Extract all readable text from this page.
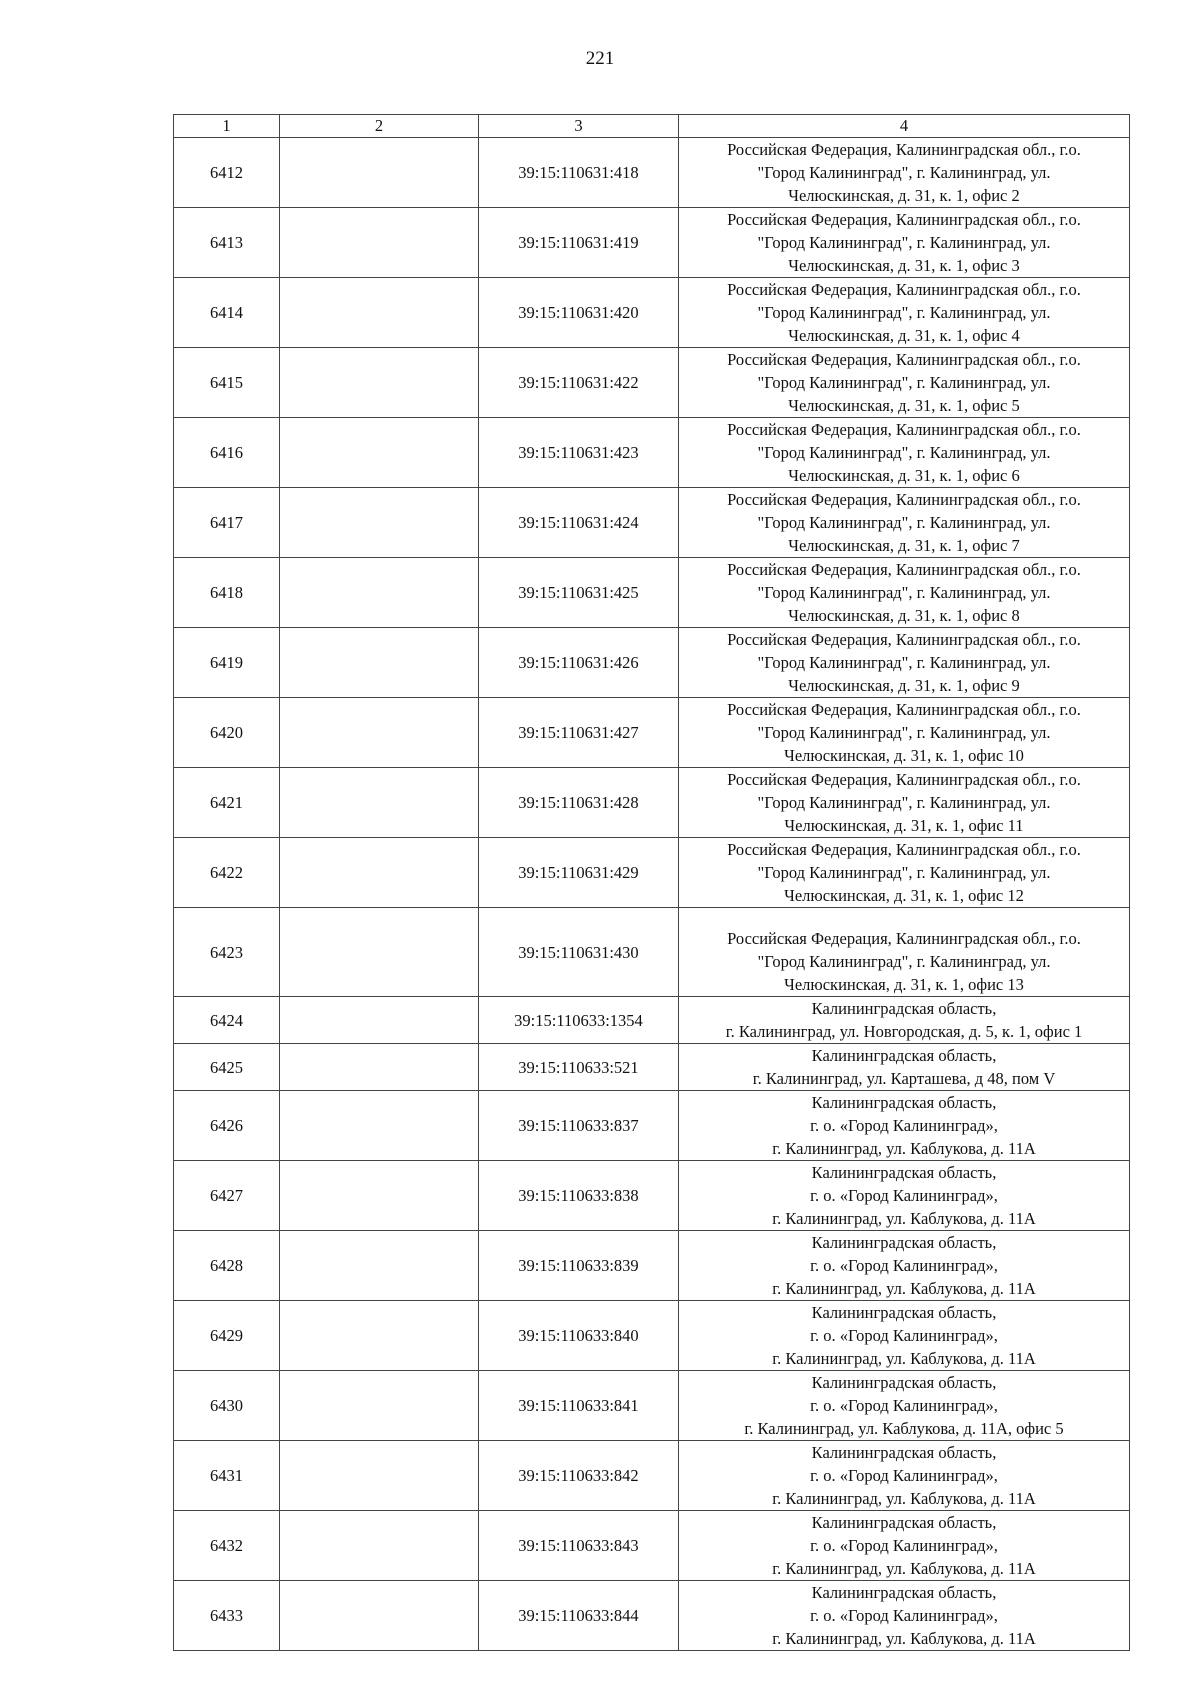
221
1	2	3	4
6412		39:15:110631:418	Российская Федерация, Калининградская обл., г.о.
"Город Калининград", г. Калининград, ул.
Челюскинская, д. 31, к. 1, офис 2

6413		39:15:110631:419	Российская Федерация, Калининградская обл., г.о.
"Город Калининград", г. Калининград, ул.
Челюскинская, д. 31, к. 1, офис 3

6414		39:15:110631:420	Российская Федерация, Калининградская обл., г.о.
"Город Калининград", г. Калининград, ул.
Челюскинская, д. 31, к. 1, офис 4

6415		39:15:110631:422	Российская Федерация, Калининградская обл., г.о.
"Город Калининград", г. Калининград, ул.
Челюскинская, д. 31, к. 1, офис 5

6416		39:15:110631:423	Российская Федерация, Калининградская обл., г.о.
"Город Калининград", г. Калининград, ул.
Челюскинская, д. 31, к. 1, офис 6

6417		39:15:110631:424	Российская Федерация, Калининградская обл., г.о.
"Город Калининград", г. Калининград, ул.
Челюскинская, д. 31, к. 1, офис 7

6418		39:15:110631:425	Российская Федерация, Калининградская обл., г.о.
"Город Калининград", г. Калининград, ул.
Челюскинская, д. 31, к. 1, офис 8

6419		39:15:110631:426	Российская Федерация, Калининградская обл., г.о.
"Город Калининград", г. Калининград, ул.
Челюскинская, д. 31, к. 1, офис 9

6420		39:15:110631:427	Российская Федерация, Калининградская обл., г.о.
"Город Калининград", г. Калининград, ул.
Челюскинская, д. 31, к. 1, офис 10

6421		39:15:110631:428	Российская Федерация, Калининградская обл., г.о.
"Город Калининград", г. Калининград, ул.
Челюскинская, д. 31, к. 1, офис 11

6422		39:15:110631:429	Российская Федерация, Калининградская обл., г.о.
"Город Калининград", г. Калининград, ул.
Челюскинская, д. 31, к. 1, офис 12

6423		39:15:110631:430	Российская Федерация, Калининградская обл., г.о.
"Город Калининград", г. Калининград, ул.
Челюскинская, д. 31, к. 1, офис 13

6424		39:15:110633:1354	Калининградская область,
г. Калининград, ул. Новгородская, д. 5, к. 1, офис 1

6425		39:15:110633:521	Калининградская область,
г. Калининград, ул. Карташева, д 48, пом V

6426		39:15:110633:837	Калининградская область,
г. о. «Город Калининград»,
г. Калининград, ул. Каблукова, д. 11А

6427		39:15:110633:838	Калининградская область,
г. о. «Город Калининград»,
г. Калининград, ул. Каблукова, д. 11А

6428		39:15:110633:839	Калининградская область,
г. о. «Город Калининград»,
г. Калининград, ул. Каблукова, д. 11А

6429		39:15:110633:840	Калининградская область,
г. о. «Город Калининград»,
г. Калининград, ул. Каблукова, д. 11А

6430		39:15:110633:841	Калининградская область,
г. о. «Город Калининград»,
г. Калининград, ул. Каблукова, д. 11А, офис 5

6431		39:15:110633:842	Калининградская область,
г. о. «Город Калининград»,
г. Калининград, ул. Каблукова, д. 11А

6432		39:15:110633:843	Калининградская область,
г. о. «Город Калининград»,
г. Калининград, ул. Каблукова, д. 11А

6433		39:15:110633:844	Калининградская область,
г. о. «Город Калининград»,
г. Калининград, ул. Каблукова, д. 11А
